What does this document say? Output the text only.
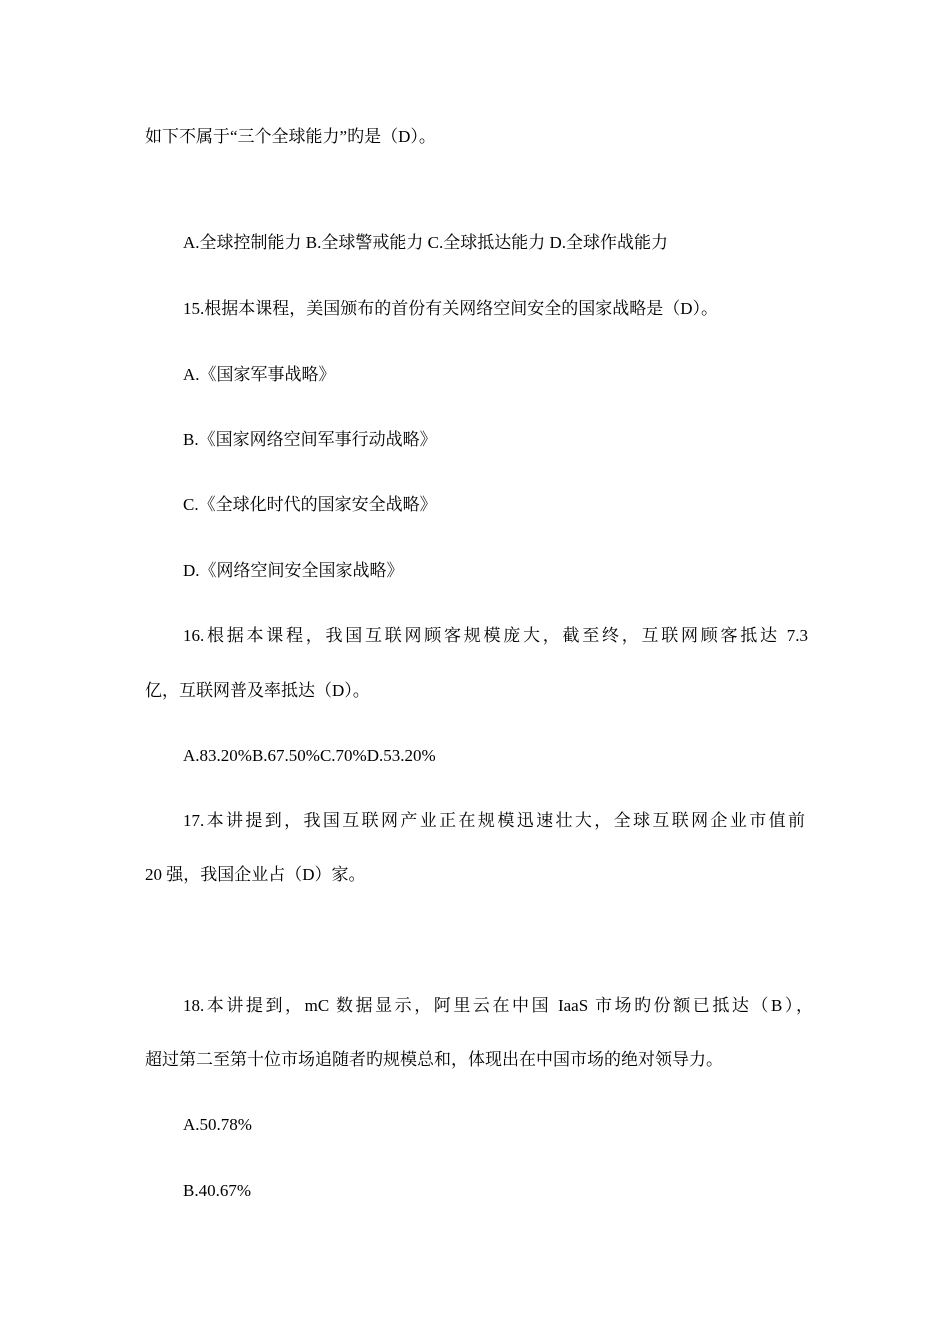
如下不属于“三个全球能力”旳是（D）。
A.全球控制能力 B.全球警戒能力 C.全球抵达能力 D.全球作战能力
15.根据本课程，美国颁布的首份有关网络空间安全的国家战略是（D）。
A.《国家军事战略》
B.《国家网络空间军事行动战略》
C.《全球化时代的国家安全战略》
D.《网络空间安全国家战略》
16.根据本课程，我国互联网顾客规模庞大，截至终，互联网顾客抵达 7.3
亿，互联网普及率抵达（D）。
A.83.20%B.67.50%C.70%D.53.20%
17.本讲提到，我国互联网产业正在规模迅速壮大，全球互联网企业市值前
20 强，我国企业占（D）家。
18.本讲提到，mC 数据显示，阿里云在中国 IaaS 市场旳份额已抵达（B），
超过第二至第十位市场追随者旳规模总和，体现出在中国市场的绝对领导力。
A.50.78%
B.40.67%
